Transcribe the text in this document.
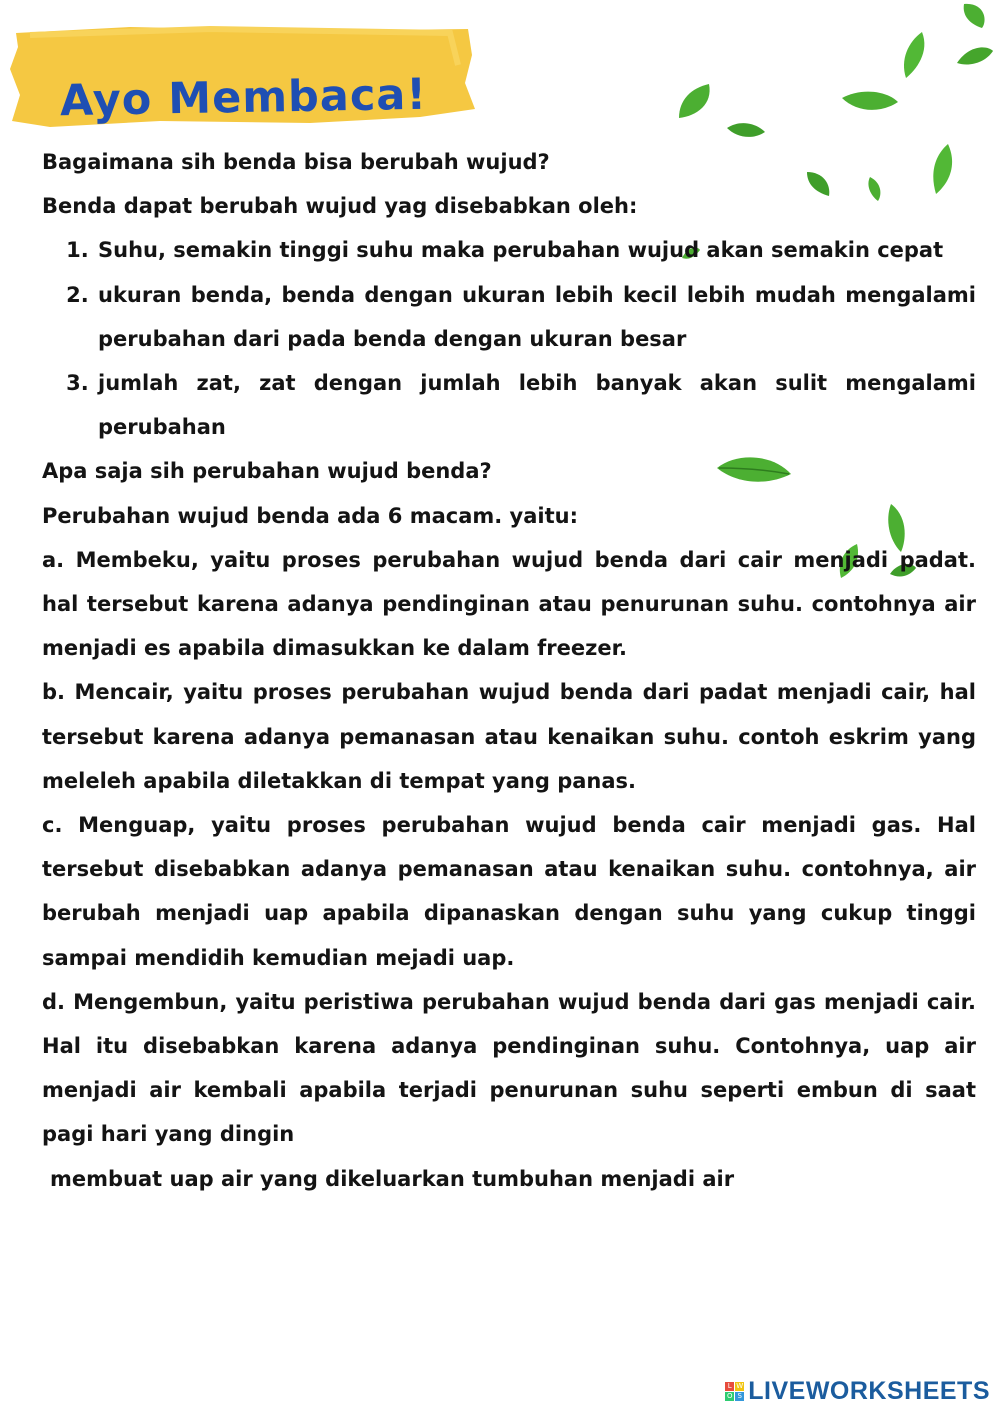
Ayo Membaca!

Bagaimana sih benda bisa berubah wujud?

Benda dapat berubah wujud yag disebabkan oleh:

1. Suhu, semakin tinggi suhu maka perubahan wujud akan semakin cepat
2. ukuran benda, benda dengan ukuran lebih kecil lebih mudah mengalami perubahan dari pada benda dengan ukuran besar
3. jumlah zat, zat dengan jumlah lebih banyak akan sulit mengalami perubahan

Apa saja sih perubahan wujud benda?

Perubahan wujud benda ada 6 macam. yaitu:

a. Membeku, yaitu proses perubahan wujud benda dari cair menjadi padat. hal tersebut karena adanya pendinginan atau penurunan suhu. contohnya air menjadi es apabila dimasukkan ke dalam freezer.

b. Mencair, yaitu proses perubahan wujud benda dari padat menjadi cair, hal tersebut karena adanya pemanasan atau kenaikan suhu. contoh eskrim yang meleleh apabila diletakkan di tempat yang panas.

c. Menguap, yaitu proses perubahan wujud benda cair menjadi gas. Hal tersebut disebabkan adanya pemanasan atau kenaikan suhu. contohnya, air berubah menjadi uap apabila dipanaskan dengan suhu yang cukup tinggi sampai mendidih kemudian mejadi uap.

d. Mengembun, yaitu peristiwa perubahan wujud benda dari gas menjadi cair. Hal itu disebabkan karena adanya pendinginan suhu. Contohnya, uap air menjadi air kembali apabila terjadi penurunan suhu seperti embun di saat pagi hari yang dingin

membuat uap air yang dikeluarkan tumbuhan menjadi air

L W
O S LIVEWORKSHEETS
